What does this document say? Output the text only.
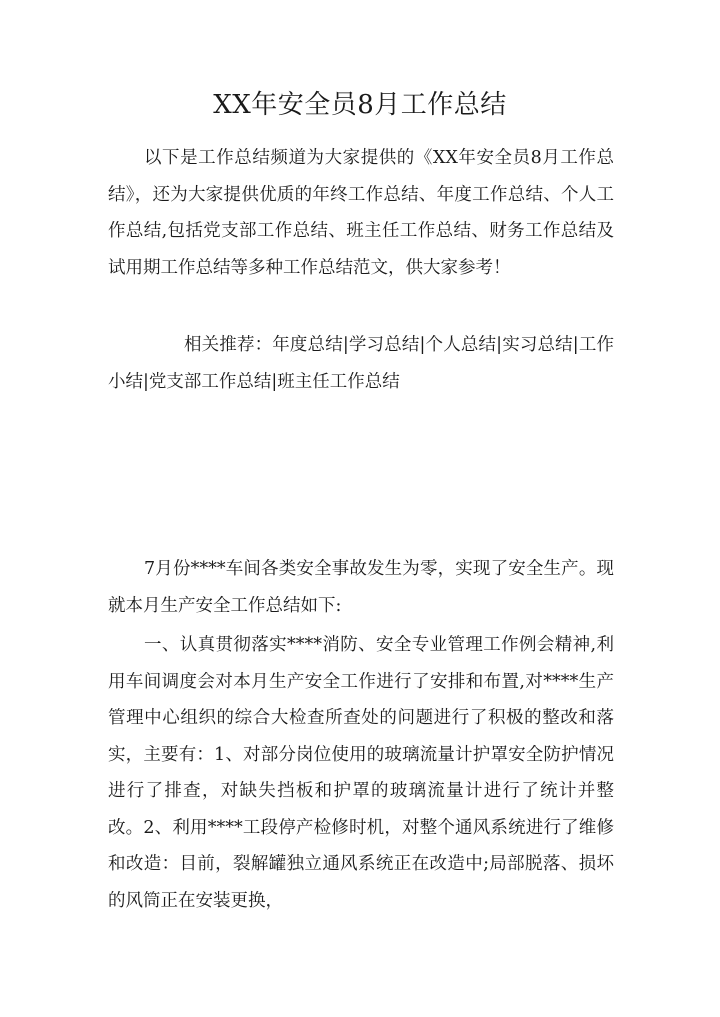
XX年安全员8月工作总结

以下是工作总结频道为大家提供的《XX年安全员8月工作总结》，还为大家提供优质的年终工作总结、年度工作总结、个人工作总结,包括党支部工作总结、班主任工作总结、财务工作总结及试用期工作总结等多种工作总结范文，供大家参考！

相关推荐：年度总结|学习总结|个人总结|实习总结|工作小结|党支部工作总结|班主任工作总结

7月份****车间各类安全事故发生为零，实现了安全生产。现就本月生产安全工作总结如下:

一、认真贯彻落实****消防、安全专业管理工作例会精神,利用车间调度会对本月生产安全工作进行了安排和布置,对****生产管理中心组织的综合大检查所查处的问题进行了积极的整改和落实，主要有：1、对部分岗位使用的玻璃流量计护罩安全防护情况进行了排查，对缺失挡板和护罩的玻璃流量计进行了统计并整改。2、利用****工段停产检修时机，对整个通风系统进行了维修和改造：目前，裂解罐独立通风系统正在改造中;局部脱落、损坏的风筒正在安装更换，
